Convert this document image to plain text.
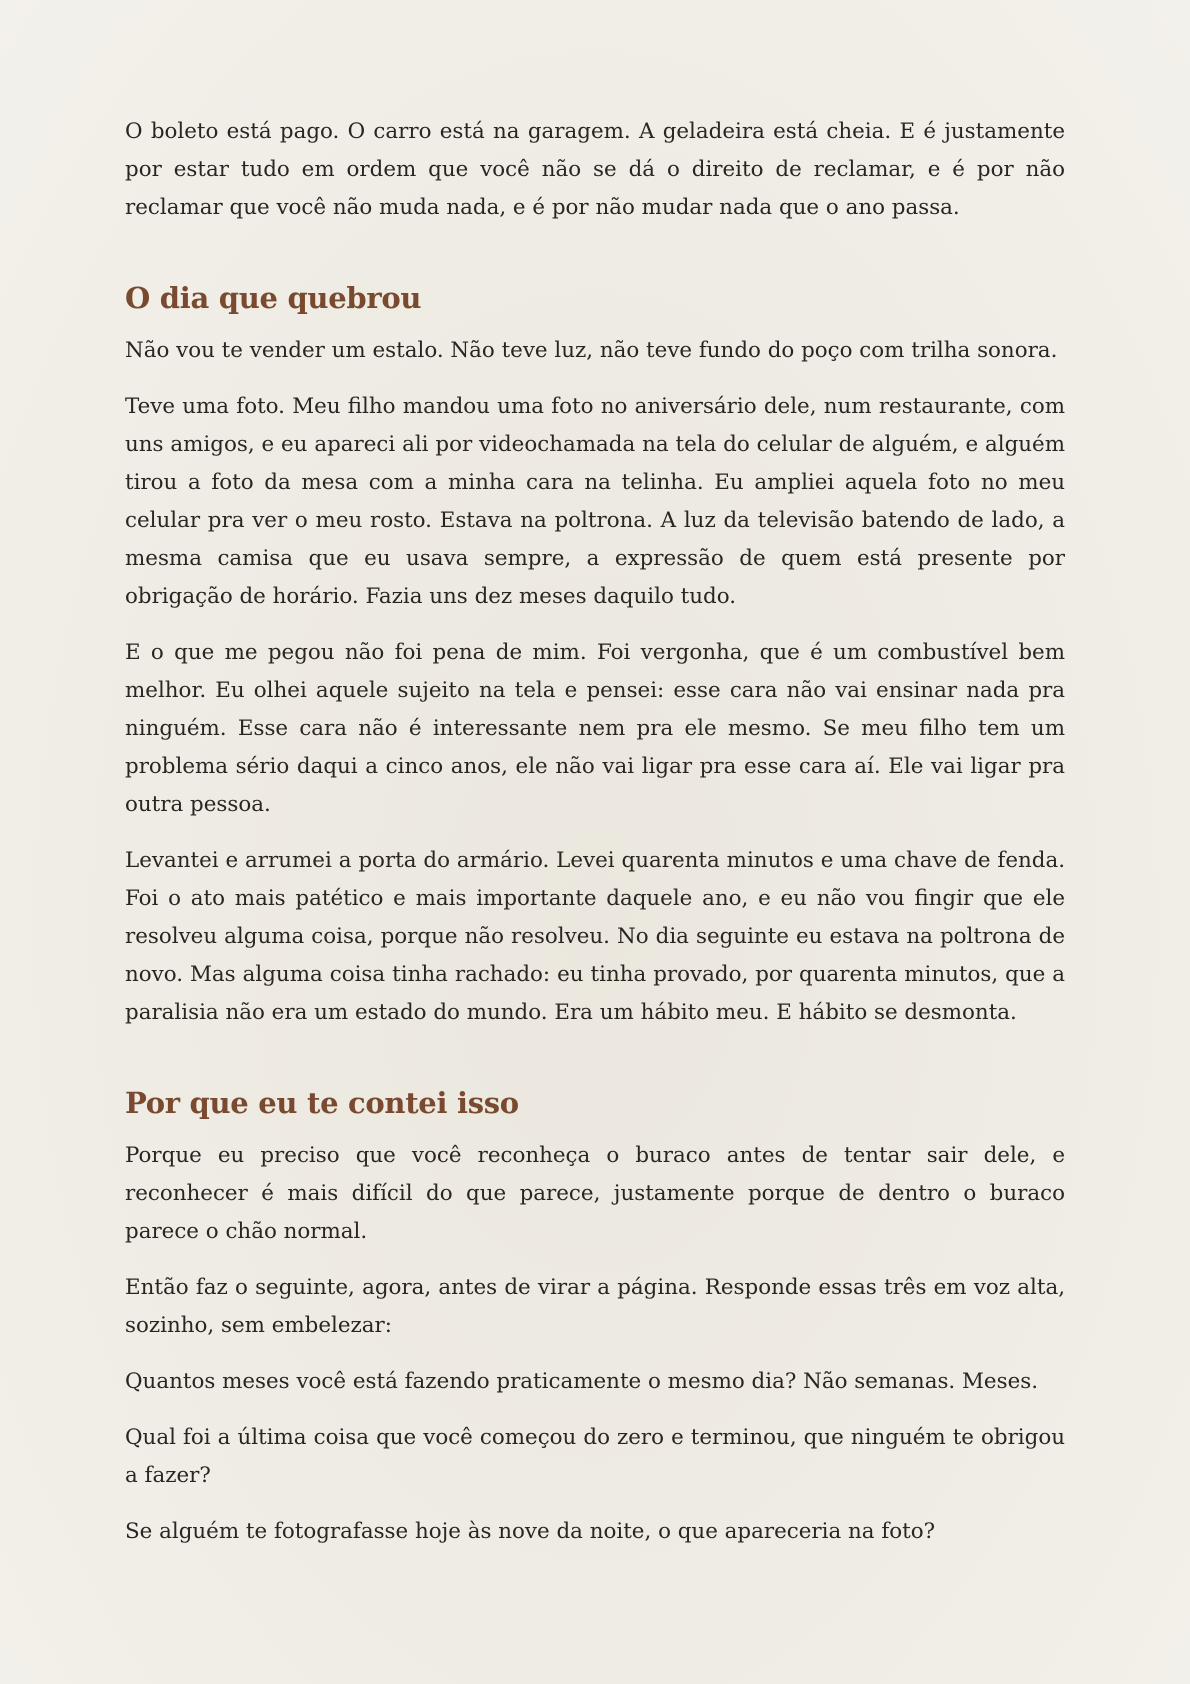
O boleto está pago. O carro está na garagem. A geladeira está cheia. E é justamente por estar tudo em ordem que você não se dá o direito de reclamar, e é por não reclamar que você não muda nada, e é por não mudar nada que o ano passa.

O dia que quebrou

Não vou te vender um estalo. Não teve luz, não teve fundo do poço com trilha sonora.

Teve uma foto. Meu filho mandou uma foto no aniversário dele, num restaurante, com uns amigos, e eu apareci ali por videochamada na tela do celular de alguém, e alguém tirou a foto da mesa com a minha cara na telinha. Eu ampliei aquela foto no meu celular pra ver o meu rosto. Estava na poltrona. A luz da televisão batendo de lado, a mesma camisa que eu usava sempre, a expressão de quem está presente por obrigação de horário. Fazia uns dez meses daquilo tudo.

E o que me pegou não foi pena de mim. Foi vergonha, que é um combustível bem melhor. Eu olhei aquele sujeito na tela e pensei: esse cara não vai ensinar nada pra ninguém. Esse cara não é interessante nem pra ele mesmo. Se meu filho tem um problema sério daqui a cinco anos, ele não vai ligar pra esse cara aí. Ele vai ligar pra outra pessoa.

Levantei e arrumei a porta do armário. Levei quarenta minutos e uma chave de fenda. Foi o ato mais patético e mais importante daquele ano, e eu não vou fingir que ele resolveu alguma coisa, porque não resolveu. No dia seguinte eu estava na poltrona de novo. Mas alguma coisa tinha rachado: eu tinha provado, por quarenta minutos, que a paralisia não era um estado do mundo. Era um hábito meu. E hábito se desmonta.

Por que eu te contei isso

Porque eu preciso que você reconheça o buraco antes de tentar sair dele, e reconhecer é mais difícil do que parece, justamente porque de dentro o buraco parece o chão normal.

Então faz o seguinte, agora, antes de virar a página. Responde essas três em voz alta, sozinho, sem embelezar:

Quantos meses você está fazendo praticamente o mesmo dia? Não semanas. Meses.

Qual foi a última coisa que você começou do zero e terminou, que ninguém te obrigou a fazer?

Se alguém te fotografasse hoje às nove da noite, o que apareceria na foto?
